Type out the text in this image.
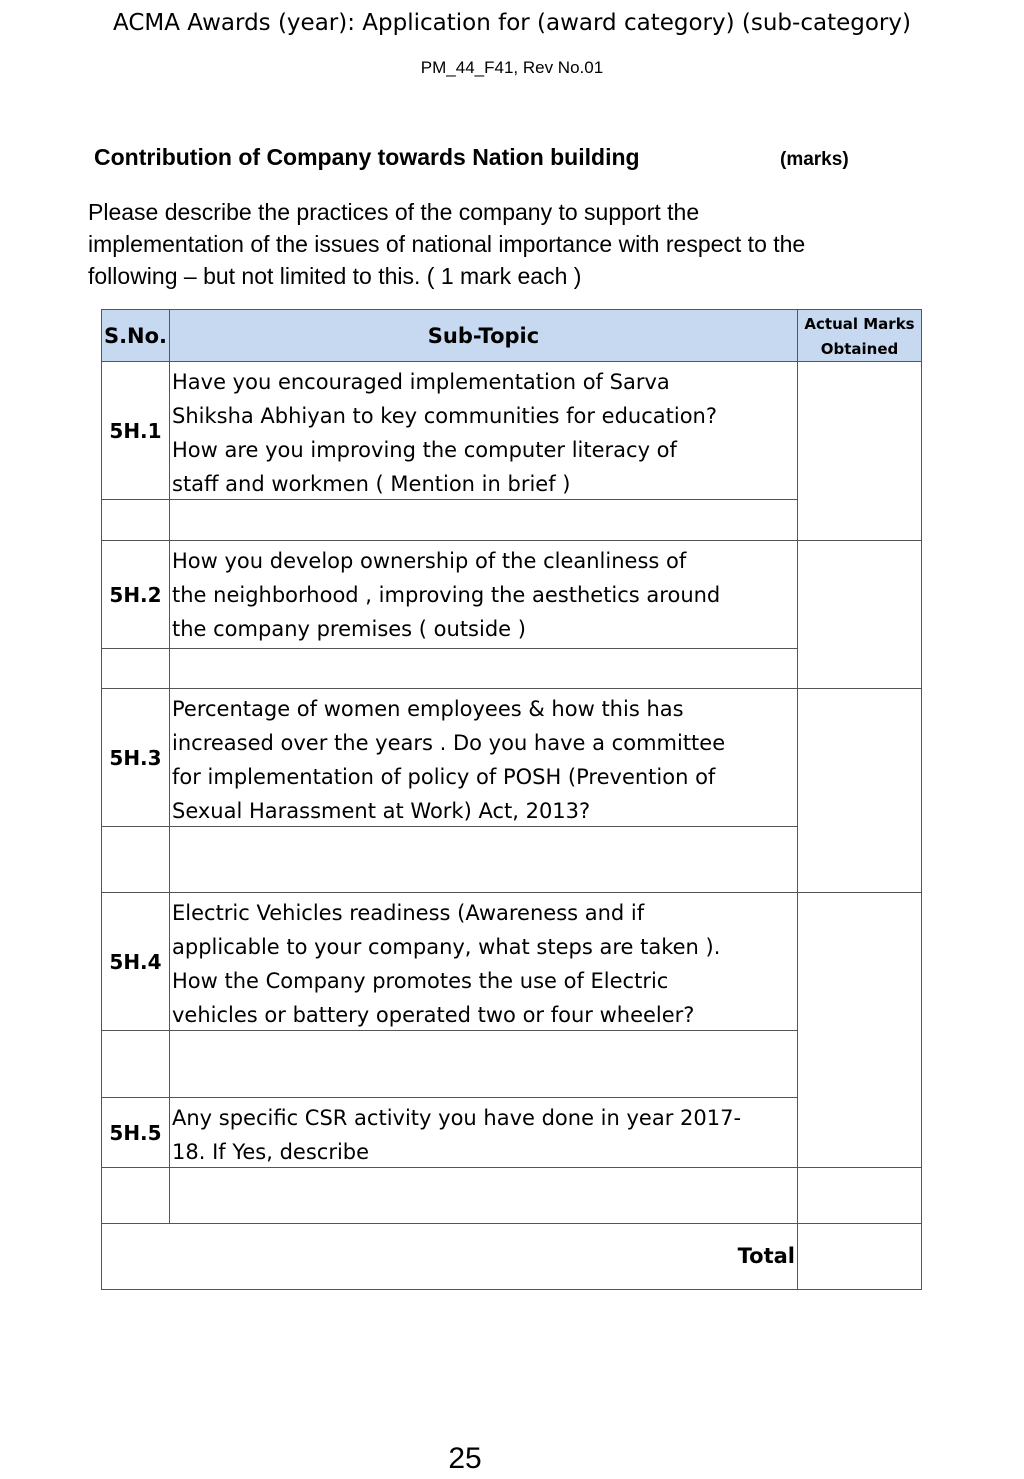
ACMA Awards (year): Application for (award category) (sub-category)
PM_44_F41, Rev No.01
Contribution of Company towards Nation building	(marks)
Please describe the practices of the company to support the
implementation of the issues of national importance with respect to the
following – but not limited to this. ( 1 mark each )
S.No.	Sub-Topic	Actual Marks Obtained
5H.1
Have you encouraged implementation of Sarva
Shiksha Abhiyan to key communities for education?
How are you improving the computer literacy of
staff and workmen ( Mention in brief )
5H.2
How you develop ownership of the cleanliness of
the neighborhood , improving the aesthetics around
the company premises ( outside )
5H.3
Percentage of women employees & how this has
increased over the years . Do you have a committee
for implementation of policy of POSH (Prevention of
Sexual Harassment at Work) Act, 2013?
5H.4
Electric Vehicles readiness (Awareness and if
applicable to your company, what steps are taken ).
How the Company promotes the use of Electric
vehicles or battery operated two or four wheeler?
5H.5
Any specific CSR activity you have done in year 2017-
18. If Yes, describe
Total
25
